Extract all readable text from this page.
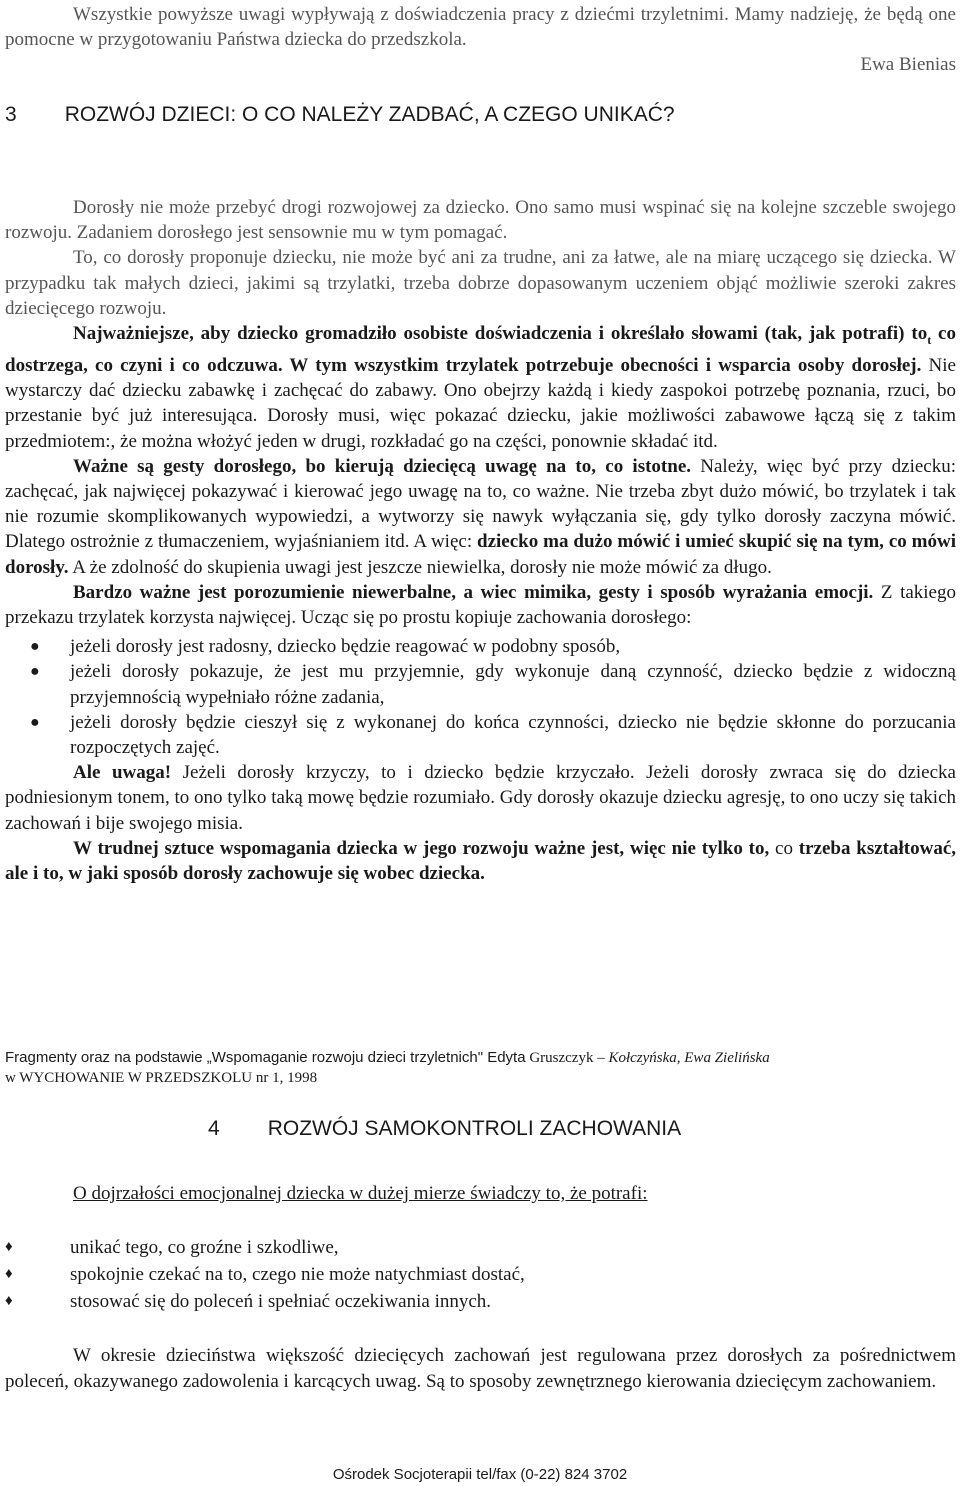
Wszystkie powyższe uwagi wypływają z doświadczenia pracy z dziećmi trzyletnimi. Mamy nadzieję, że będą one pomocne w przygotowaniu Państwa dziecka do przedszkola.

Ewa Bienias

3 ROZWÓJ DZIECI: O CO NALEŻY ZADBAĆ, A CZEGO UNIKAĆ?

Dorosły nie może przebyć drogi rozwojowej za dziecko. Ono samo musi wspinać się na kolejne szczeble swojego rozwoju. Zadaniem dorosłego jest sensownie mu w tym pomagać.

To, co dorosły proponuje dziecku, nie może być ani za trudne, ani za łatwe, ale na miarę uczącego się dziecka. W przypadku tak małych dzieci, jakimi są trzylatki, trzeba dobrze dopasowanym uczeniem objąć możliwie szeroki zakres dziecięcego rozwoju.

Najważniejsze, aby dziecko gromadziło osobiste doświadczenia i określało słowami (tak, jak potrafi) $to_t$ co dostrzega, co czyni i co odczuwa. W tym wszystkim trzylatek potrzebuje obecności i wsparcia osoby dorosłej. Nie wystarczy dać dziecku zabawkę i zachęcać do zabawy. Ono obejrzy każdą i kiedy zaspokoi potrzebę poznania, rzuci, bo przestanie być już interesująca. Dorosły musi, więc pokazać dziecku, jakie możliwości zabawowe łączą się z takim przedmiotem:, że można włożyć jeden w drugi, rozkładać go na części, ponownie składać itd.

Ważne są gesty dorosłego, bo kierują dziecięcą uwagę na to, co istotne. Należy, więc być przy dziecku: zachęcać, jak najwięcej pokazywać i kierować jego uwagę na to, co ważne. Nie trzeba zbyt dużo mówić, bo trzylatek i tak nie rozumie skomplikowanych wypowiedzi, a wytworzy się nawyk wyłączania się, gdy tylko dorosły zaczyna mówić. Dlatego ostrożnie z tłumaczeniem, wyjaśnianiem itd. A więc: dziecko ma dużo mówić i umieć skupić się na tym, co mówi dorosły. A że zdolność do skupienia uwagi jest jeszcze niewielka, dorosły nie może mówić za długo.

Bardzo ważne jest porozumienie niewerbalne, a wiec mimika, gesty i sposób wyrażania emocji. Z takiego przekazu trzylatek korzysta najwięcej. Ucząc się po prostu kopiuje zachowania dorosłego:

● jeżeli dorosły jest radosny, dziecko będzie reagować w podobny sposób,
● jeżeli dorosły pokazuje, że jest mu przyjemnie, gdy wykonuje daną czynność, dziecko będzie z widoczną przyjemnością wypełniało różne zadania,
● jeżeli dorosły będzie cieszył się z wykonanej do końca czynności, dziecko nie będzie skłonne do porzucania rozpoczętych zajęć.

Ale uwaga! Jeżeli dorosły krzyczy, to i dziecko będzie krzyczało. Jeżeli dorosły zwraca się do dziecka podniesionym tonem, to ono tylko taką mowę będzie rozumiało. Gdy dorosły okazuje dziecku agresję, to ono uczy się takich zachowań i bije swojego misia.

W trudnej sztuce wspomagania dziecka w jego rozwoju ważne jest, więc nie tylko to, co trzeba kształtować, ale i to, w jaki sposób dorosły zachowuje się wobec dziecka.

Fragmenty oraz na podstawie „Wspomaganie rozwoju dzieci trzyletnich" Edyta Gruszczyk – Kołczyńska, Ewa Zielińska
w WYCHOWANIE W PRZEDSZKOLU nr 1, 1998
4 ROZWÓJ SAMOKONTROLI ZACHOWANIA

O dojrzałości emocjonalnej dziecka w dużej mierze świadczy to, że potrafi:

♦	unikać tego, co groźne i szkodliwe,
♦	spokojnie czekać na to, czego nie może natychmiast dostać,
♦	stosować się do poleceń i spełniać oczekiwania innych.

W okresie dzieciństwa większość dziecięcych zachowań jest regulowana przez dorosłych za pośrednictwem poleceń, okazywanego zadowolenia i karcących uwag. Są to sposoby zewnętrznego kierowania dziecięcym zachowaniem.

Ośrodek Socjoterapii tel/fax (0-22) 824 3702
